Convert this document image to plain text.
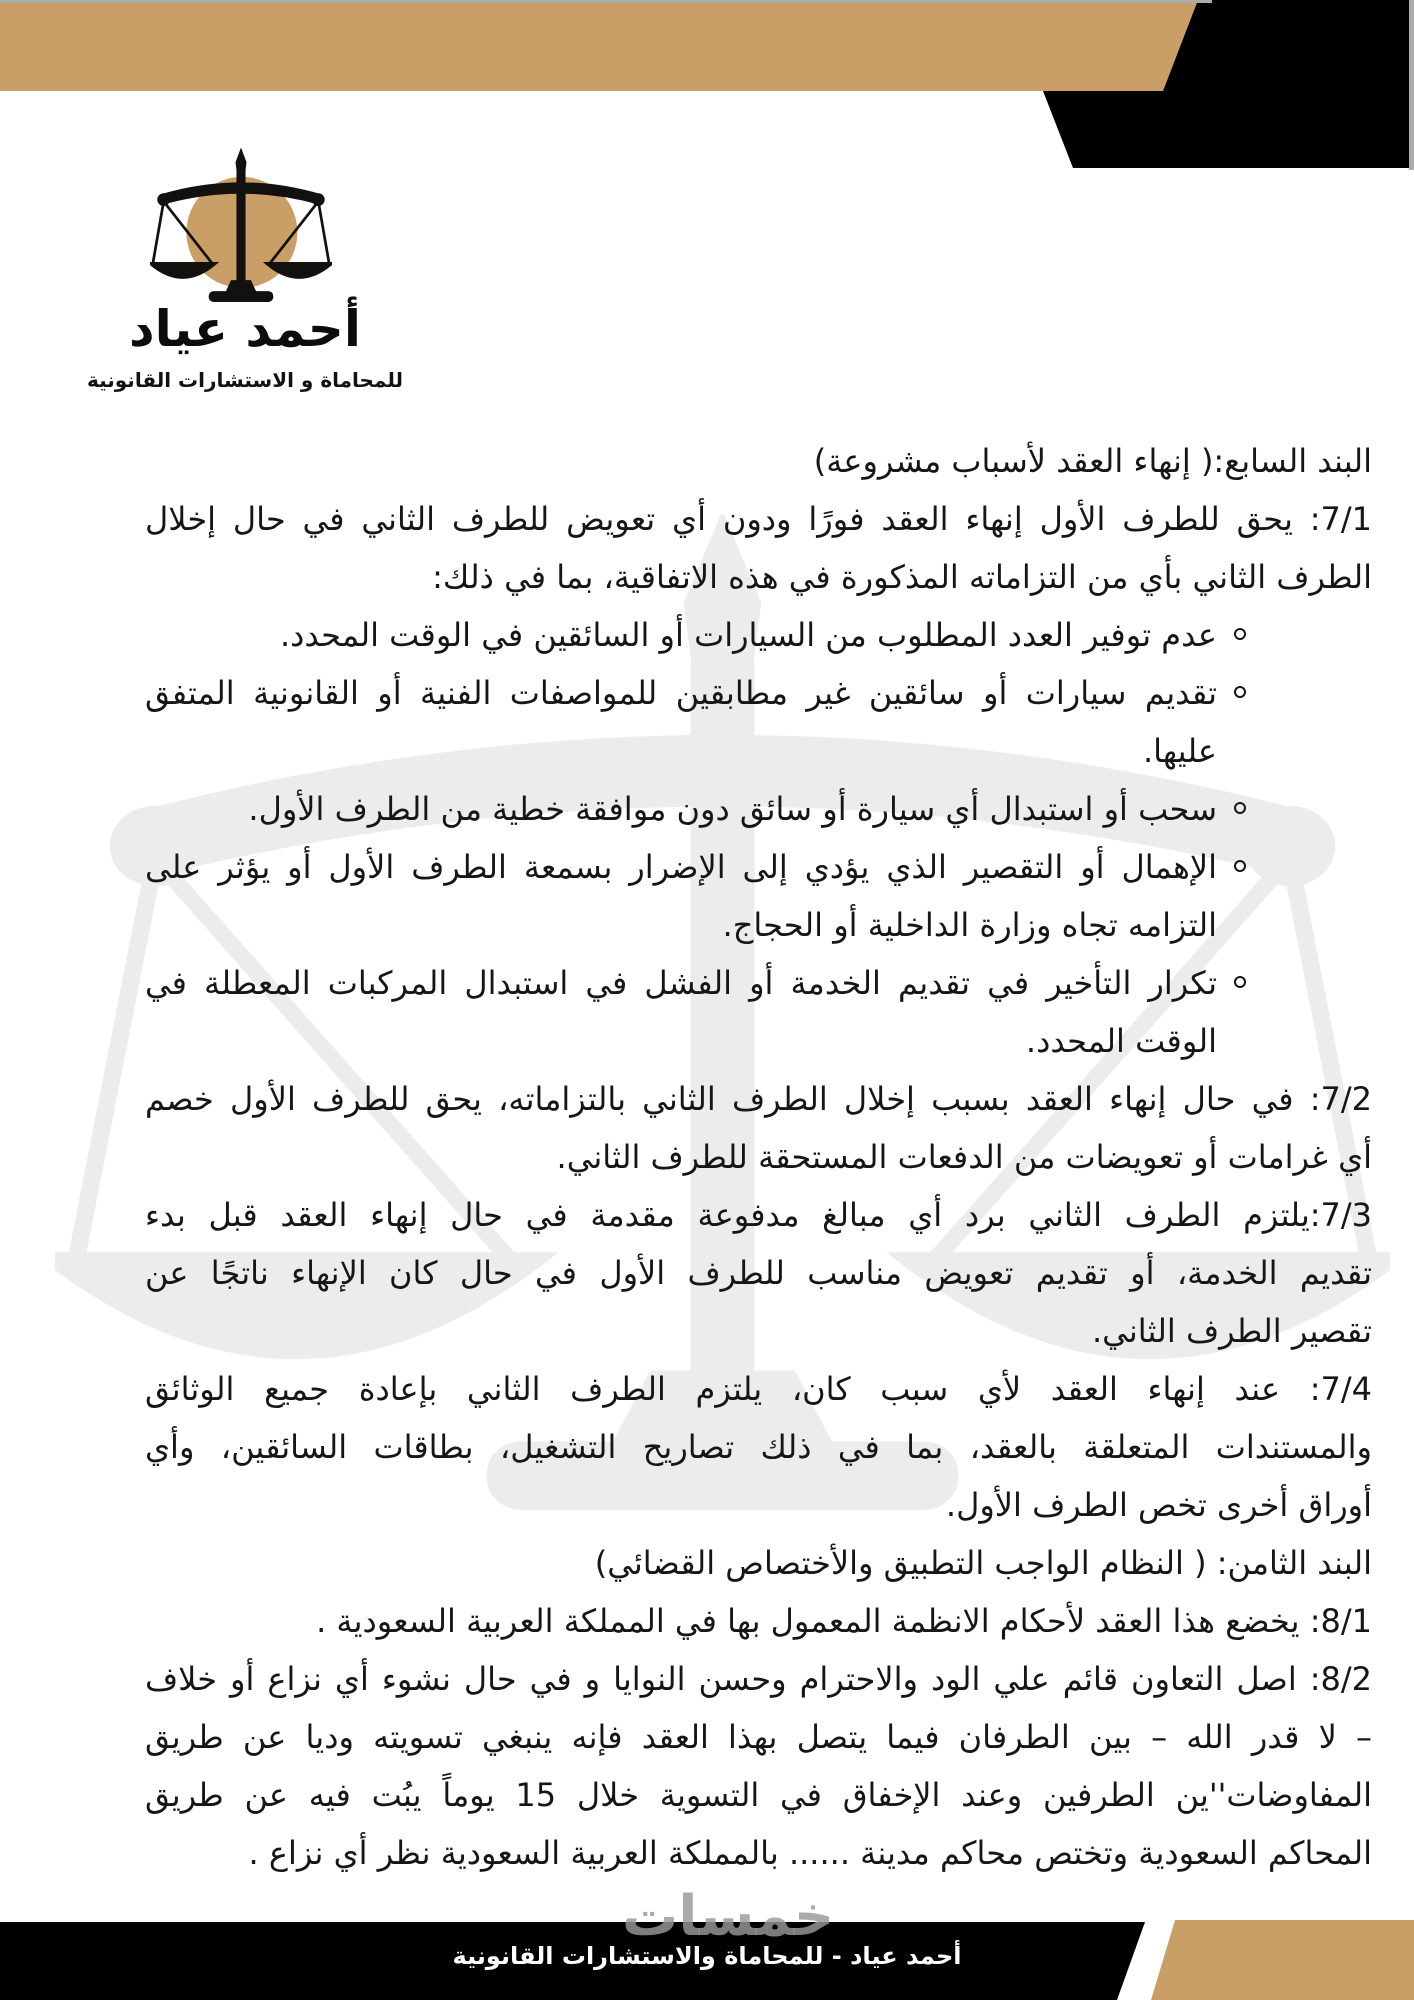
أحمد عياد
للمحاماة و الاستشارات القانونية
البند السابع:( إنهاء العقد لأسباب مشروعة)
7/1: يحق للطرف الأول إنهاء العقد فورًا ودون أي تعويض للطرف الثاني في حال إخلال
الطرف الثاني بأي من التزاماته المذكورة في هذه الاتفاقية، بما في ذلك:
عدم توفير العدد المطلوب من السيارات أو السائقين في الوقت المحدد.
تقديم سيارات أو سائقين غير مطابقين للمواصفات الفنية أو القانونية المتفق
عليها.
سحب أو استبدال أي سيارة أو سائق دون موافقة خطية من الطرف الأول.
الإهمال أو التقصير الذي يؤدي إلى الإضرار بسمعة الطرف الأول أو يؤثر على
التزامه تجاه وزارة الداخلية أو الحجاج.
تكرار التأخير في تقديم الخدمة أو الفشل في استبدال المركبات المعطلة في
الوقت المحدد.
7/2: في حال إنهاء العقد بسبب إخلال الطرف الثاني بالتزاماته، يحق للطرف الأول خصم
أي غرامات أو تعويضات من الدفعات المستحقة للطرف الثاني.
7/3:يلتزم الطرف الثاني برد أي مبالغ مدفوعة مقدمة في حال إنهاء العقد قبل بدء
تقديم الخدمة، أو تقديم تعويض مناسب للطرف الأول في حال كان الإنهاء ناتجًا عن
تقصير الطرف الثاني.
7/4: عند إنهاء العقد لأي سبب كان، يلتزم الطرف الثاني بإعادة جميع الوثائق
والمستندات المتعلقة بالعقد، بما في ذلك تصاريح التشغيل، بطاقات السائقين، وأي
أوراق أخرى تخص الطرف الأول.
البند الثامن: ( النظام الواجب التطبيق والأختصاص القضائي)
8/1: يخضع هذا العقد لأحكام الانظمة المعمول بها في المملكة العربية السعودية .
8/2: اصل التعاون قائم علي الود والاحترام وحسن النوايا و في حال نشوء أي نزاع أو خلاف
– لا قدر الله – بين الطرفان فيما يتصل بهذا العقد فإنه ينبغي تسويته وديا عن طريق
المفاوضات''ين الطرفين وعند الإخفاق في التسوية خلال 15 يوماً يبُت فيه عن طريق
المحاكم السعودية وتختص محاكم مدينة ...... بالمملكة العربية السعودية نظر أي نزاع .
خمسات
أحمد عياد - للمحاماة والاستشارات القانونية
